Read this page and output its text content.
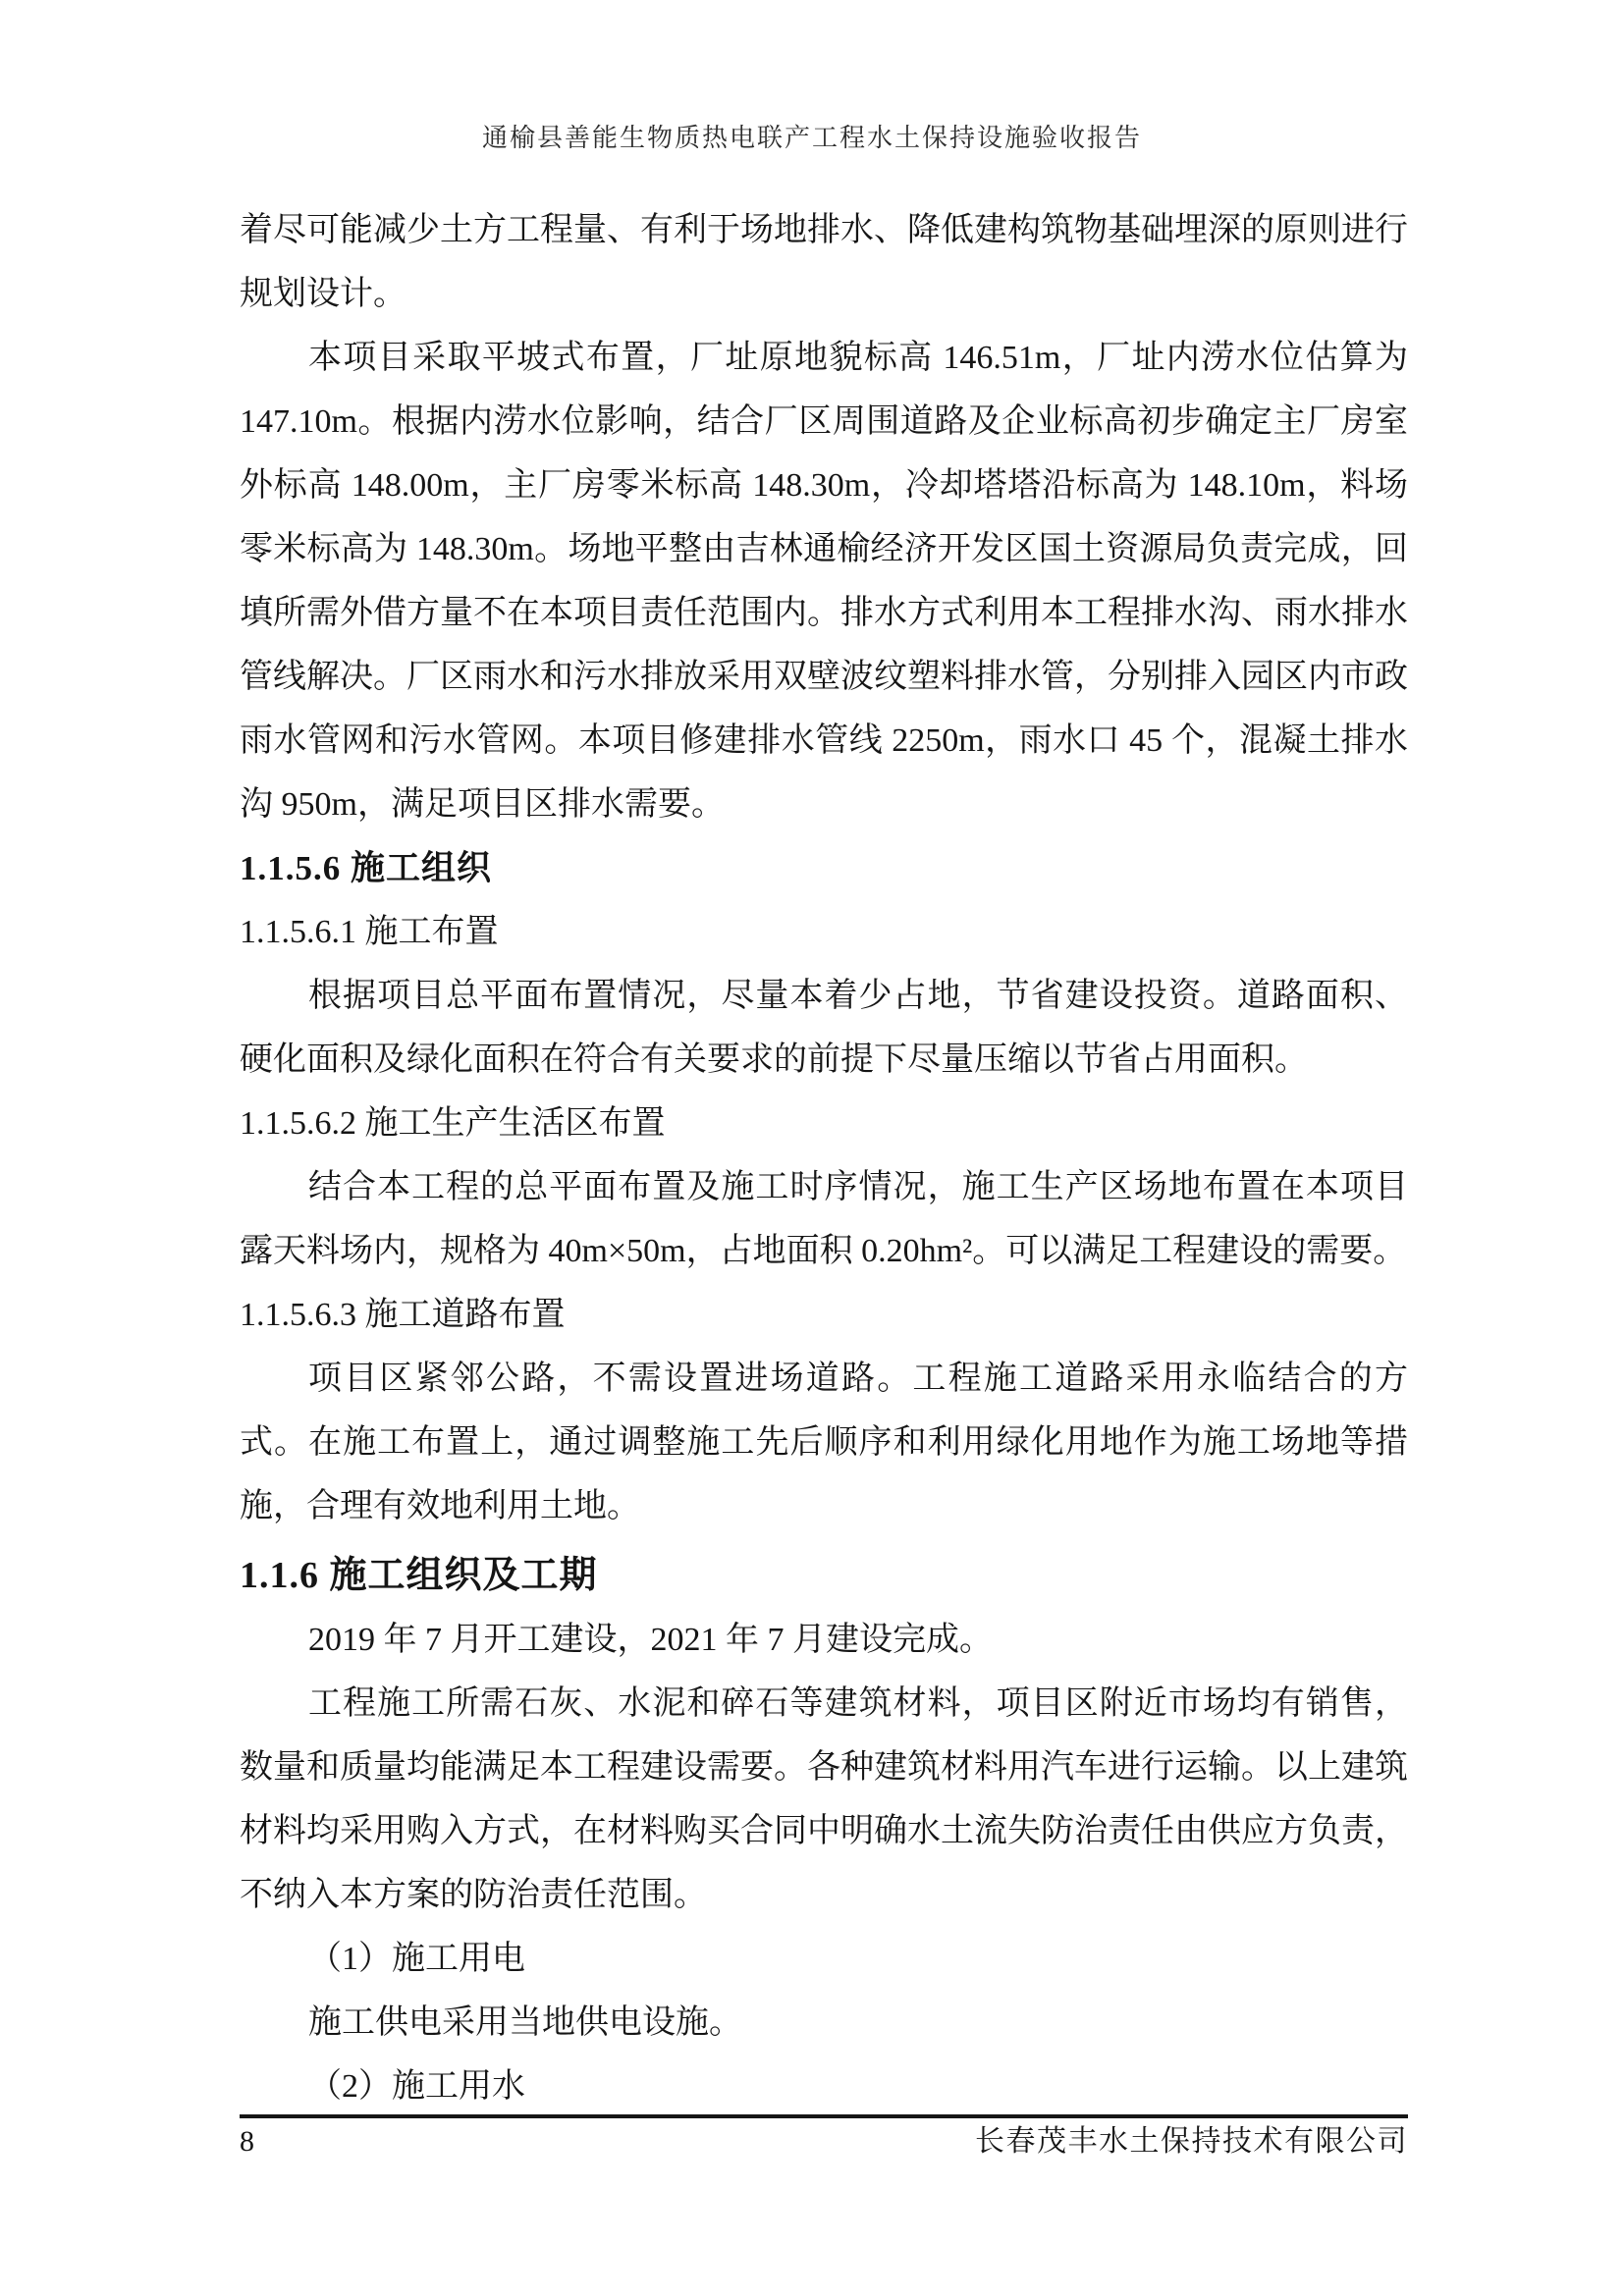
通榆县善能生物质热电联产工程水土保持设施验收报告

着尽可能减少土方工程量、有利于场地排水、降低建构筑物基础埋深的原则进行规划设计。

本项目采取平坡式布置，厂址原地貌标高 146.51m，厂址内涝水位估算为 147.10m。根据内涝水位影响，结合厂区周围道路及企业标高初步确定主厂房室外标高 148.00m，主厂房零米标高 148.30m，冷却塔塔沿标高为 148.10m，料场零米标高为 148.30m。场地平整由吉林通榆经济开发区国土资源局负责完成，回填所需外借方量不在本项目责任范围内。排水方式利用本工程排水沟、雨水排水管线解决。厂区雨水和污水排放采用双壁波纹塑料排水管，分别排入园区内市政雨水管网和污水管网。本项目修建排水管线 2250m，雨水口 45 个，混凝土排水沟 950m，满足项目区排水需要。

1.1.5.6 施工组织
1.1.5.6.1 施工布置

根据项目总平面布置情况，尽量本着少占地，节省建设投资。道路面积、硬化面积及绿化面积在符合有关要求的前提下尽量压缩以节省占用面积。

1.1.5.6.2 施工生产生活区布置

结合本工程的总平面布置及施工时序情况，施工生产区场地布置在本项目露天料场内，规格为 40m×50m，占地面积 0.20hm²。可以满足工程建设的需要。

1.1.5.6.3 施工道路布置

项目区紧邻公路，不需设置进场道路。工程施工道路采用永临结合的方式。在施工布置上，通过调整施工先后顺序和利用绿化用地作为施工场地等措施，合理有效地利用土地。

1.1.6 施工组织及工期

2019 年 7 月开工建设，2021 年 7 月建设完成。

工程施工所需石灰、水泥和碎石等建筑材料，项目区附近市场均有销售，数量和质量均能满足本工程建设需要。各种建筑材料用汽车进行运输。以上建筑材料均采用购入方式，在材料购买合同中明确水土流失防治责任由供应方负责，不纳入本方案的防治责任范围。

（1）施工用电

施工供电采用当地供电设施。

（2）施工用水

8	长春茂丰水土保持技术有限公司
